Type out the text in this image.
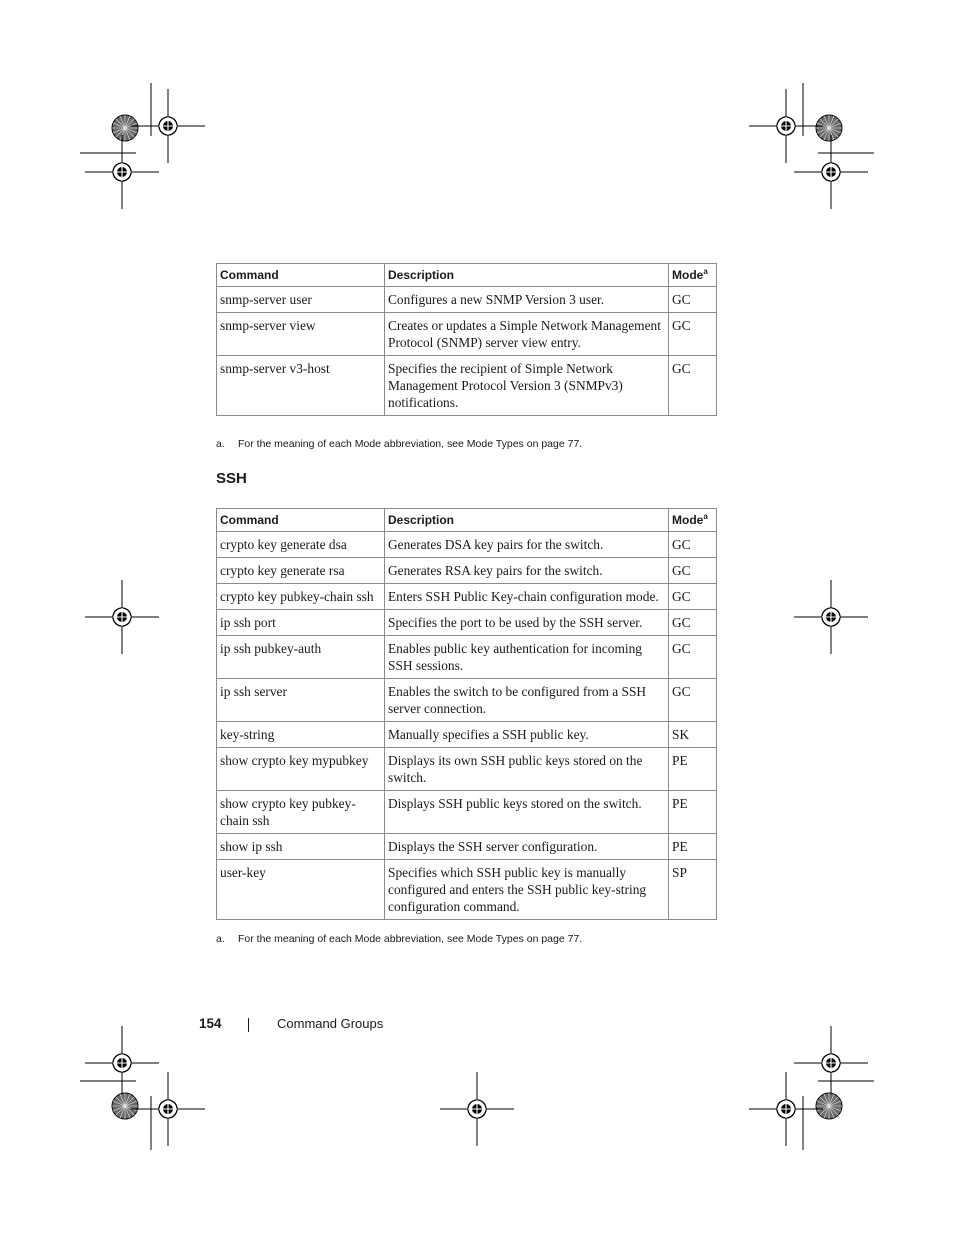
Command	Description	Mode$^a$
snmp-server user	Configures a new SNMP Version 3 user.	GC
snmp-server view	Creates or updates a Simple Network Management Protocol (SNMP) server view entry.	GC
snmp-server v3-host	Specifies the recipient of Simple Network Management Protocol Version 3 (SNMPv3) notifications.	GC
a. For the meaning of each Mode abbreviation, see Mode Types on page 77.
SSH
Command	Description	Mode$^a$
crypto key generate dsa	Generates DSA key pairs for the switch.	GC
crypto key generate rsa	Generates RSA key pairs for the switch.	GC
crypto key pubkey-chain ssh	Enters SSH Public Key-chain configuration mode.	GC
ip ssh port	Specifies the port to be used by the SSH server.	GC
ip ssh pubkey-auth	Enables public key authentication for incoming SSH sessions.	GC
ip ssh server	Enables the switch to be configured from a SSH server connection.	GC
key-string	Manually specifies a SSH public key.	SK
show crypto key mypubkey	Displays its own SSH public keys stored on the switch.	PE
show crypto key pubkey-chain ssh	Displays SSH public keys stored on the switch.	PE
show ip ssh	Displays the SSH server configuration.	PE
user-key	Specifies which SSH public key is manually configured and enters the SSH public key-string configuration command.	SP
a. For the meaning of each Mode abbreviation, see Mode Types on page 77.
154	Command Groups
